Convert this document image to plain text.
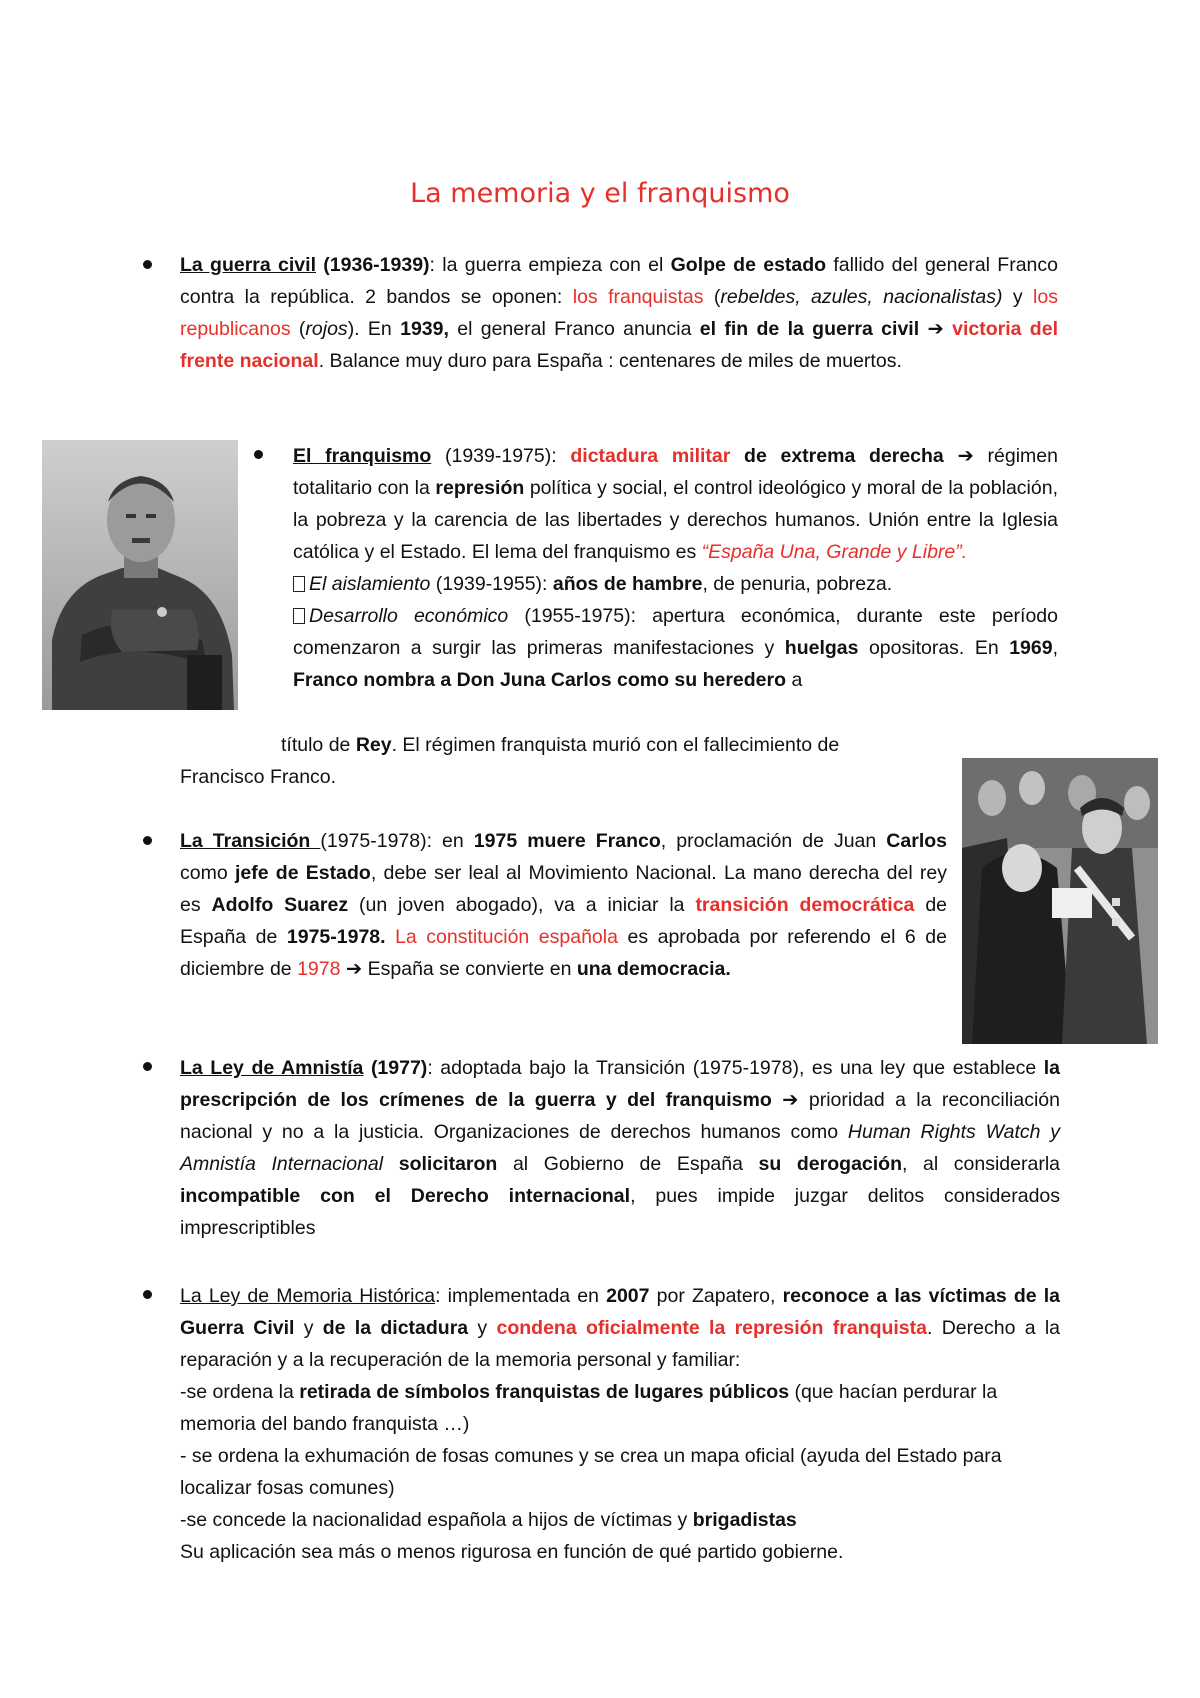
La memoria y el franquismo
La guerra civil (1936-1939): la guerra empieza con el Golpe de estado fallido del general Franco contra la república. 2 bandos se oponen: los franquistas (rebeldes, azules, nacionalistas) y los republicanos (rojos). En 1939, el general Franco anuncia el fin de la guerra civil ➔ victoria del frente nacional. Balance muy duro para España : centenares de miles de muertos.
El franquismo (1939-1975): dictadura militar de extrema derecha ➔ régimen totalitario con la represión política y social, el control ideológico y moral de la población, la pobreza y la carencia de las libertades y derechos humanos. Unión entre la Iglesia católica y el Estado. El lema del franquismo es “España Una, Grande y Libre”.
El aislamiento (1939-1955): años de hambre, de penuria, pobreza.
Desarrollo económico (1955-1975): apertura económica, durante este período comenzaron a surgir las primeras manifestaciones y huelgas opositoras. En 1969, Franco nombra a Don Juna Carlos como su heredero a
título de Rey. El régimen franquista murió con el fallecimiento de
Francisco Franco.
La Transición (1975-1978): en 1975 muere Franco, proclamación de Juan Carlos como jefe de Estado, debe ser leal al Movimiento Nacional. La mano derecha del rey es Adolfo Suarez (un joven abogado), va a iniciar la transición democrática de España de 1975-1978. La constitución española es aprobada por referendo el 6 de diciembre de 1978 ➔ España se convierte en una democracia.
La Ley de Amnistía (1977): adoptada bajo la Transición (1975-1978), es una ley que establece la prescripción de los crímenes de la guerra y del franquismo ➔ prioridad a la reconciliación nacional y no a la justicia. Organizaciones de derechos humanos como Human Rights Watch y Amnistía Internacional solicitaron al Gobierno de España su derogación, al considerarla incompatible con el Derecho internacional, pues impide juzgar delitos considerados imprescriptibles
La Ley de Memoria Histórica: implementada en 2007 por Zapatero, reconoce a las víctimas de la Guerra Civil y de la dictadura y condena oficialmente la represión franquista. Derecho a la reparación y a la recuperación de la memoria personal y familiar:
-se ordena la retirada de símbolos franquistas de lugares públicos (que hacían perdurar la memoria del bando franquista …)
- se ordena la exhumación de fosas comunes y se crea un mapa oficial (ayuda del Estado para localizar fosas comunes)
-se concede la nacionalidad española a hijos de víctimas y brigadistas
Su aplicación sea más o menos rigurosa en función de qué partido gobierne.
